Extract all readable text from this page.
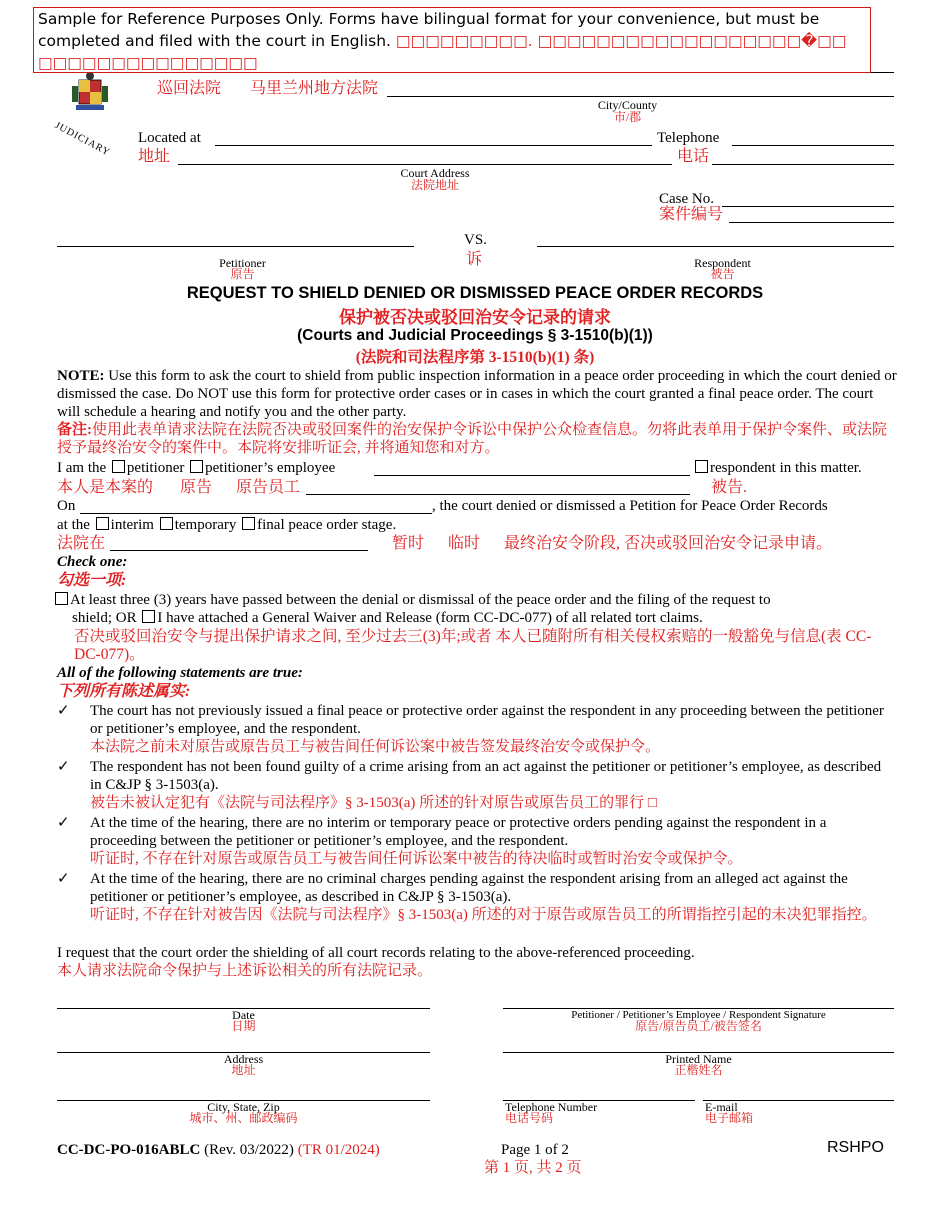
Sample for Reference Purposes Only. Forms have bilingual format for your convenience, but must be
completed and filed with the court in English. □□□□□□□□□. □□□□□□□□□□□□□□□□□□�□□
□□□□□□□□□□□□□□□
JUDICIARY
巡回法院 马里兰州地方法院
City/County
市/郡
Located at
地址
Telephone
电话
Court Address
法院地址
Case No.
案件编号
VS.
诉
Petitioner
原告
Respondent
被告
REQUEST TO SHIELD DENIED OR DISMISSED PEACE ORDER RECORDS
保护被否决或驳回治安令记录的请求
(Courts and Judicial Proceedings § 3-1510(b)(1))
(法院和司法程序第 3-1510(b)(1) 条)
NOTE: Use this form to ask the court to shield from public inspection information in a peace order proceeding in which the court denied or dismissed the case. Do NOT use this form for protective order cases or in cases in which the court granted a final peace order. The court will schedule a hearing and notify you and the other party.
备注:使用此表单请求法院在法院否决或驳回案件的治安保护令诉讼中保护公众检查信息。勿将此表单用于保护令案件、或法院授予最终治安令的案件中。本院将安排听证会, 并将通知您和对方。
I am the petitioner petitioner’s employee	respondent in this matter.
本人是本案的 原告 原告员工	被告.
On	, the court denied or dismissed a Petition for Peace Order Records
at the interim temporary final peace order stage.
法院在	暂时 临时 最终治安令阶段, 否决或驳回治安令记录申请。
Check one:
勾选一项:
At least three (3) years have passed between the denial or dismissal of the peace order and the filing of the request to
shield; OR I have attached a General Waiver and Release (form CC-DC-077) of all related tort claims.
否决或驳回治安令与提出保护请求之间, 至少过去三(3)年;或者 本人已随附所有相关侵权索赔的一般豁免与信息(表 CC-DC-077)。
All of the following statements are true:
下列所有陈述属实:
✓ The court has not previously issued a final peace or protective order against the respondent in any proceeding between the petitioner or petitioner’s employee, and the respondent.
本法院之前未对原告或原告员工与被告间任何诉讼案中被告签发最终治安令或保护令。
✓ The respondent has not been found guilty of a crime arising from an act against the petitioner or petitioner’s employee, as described in C&JP § 3-1503(a).
被告未被认定犯有《法院与司法程序》§ 3-1503(a) 所述的针对原告或原告员工的罪行 □
✓ At the time of the hearing, there are no interim or temporary peace or protective orders pending against the respondent in a proceeding between the petitioner or petitioner’s employee, and the respondent.
听证时, 不存在针对原告或原告员工与被告间任何诉讼案中被告的待决临时或暂时治安令或保护令。
✓ At the time of the hearing, there are no criminal charges pending against the respondent arising from an alleged act against the petitioner or petitioner’s employee, as described in C&JP § 3-1503(a).
听证时, 不存在针对被告因《法院与司法程序》§ 3-1503(a) 所述的对于原告或原告员工的所谓指控引起的未决犯罪指控。
I request that the court order the shielding of all court records relating to the above-referenced proceeding.
本人请求法院命令保护与上述诉讼相关的所有法院记录。
Date
日期
Petitioner / Petitioner’s Employee / Respondent Signature
原告/原告员工/被告签名
Address
地址
Printed Name
正楷姓名
City, State, Zip
城市、州、邮政编码
Telephone Number
电话号码
E-mail
电子邮箱
CC-DC-PO-016ABLC (Rev. 03/2022) (TR 01/2024)	Page 1 of 2
第 1 页, 共 2 页
RSHPO
